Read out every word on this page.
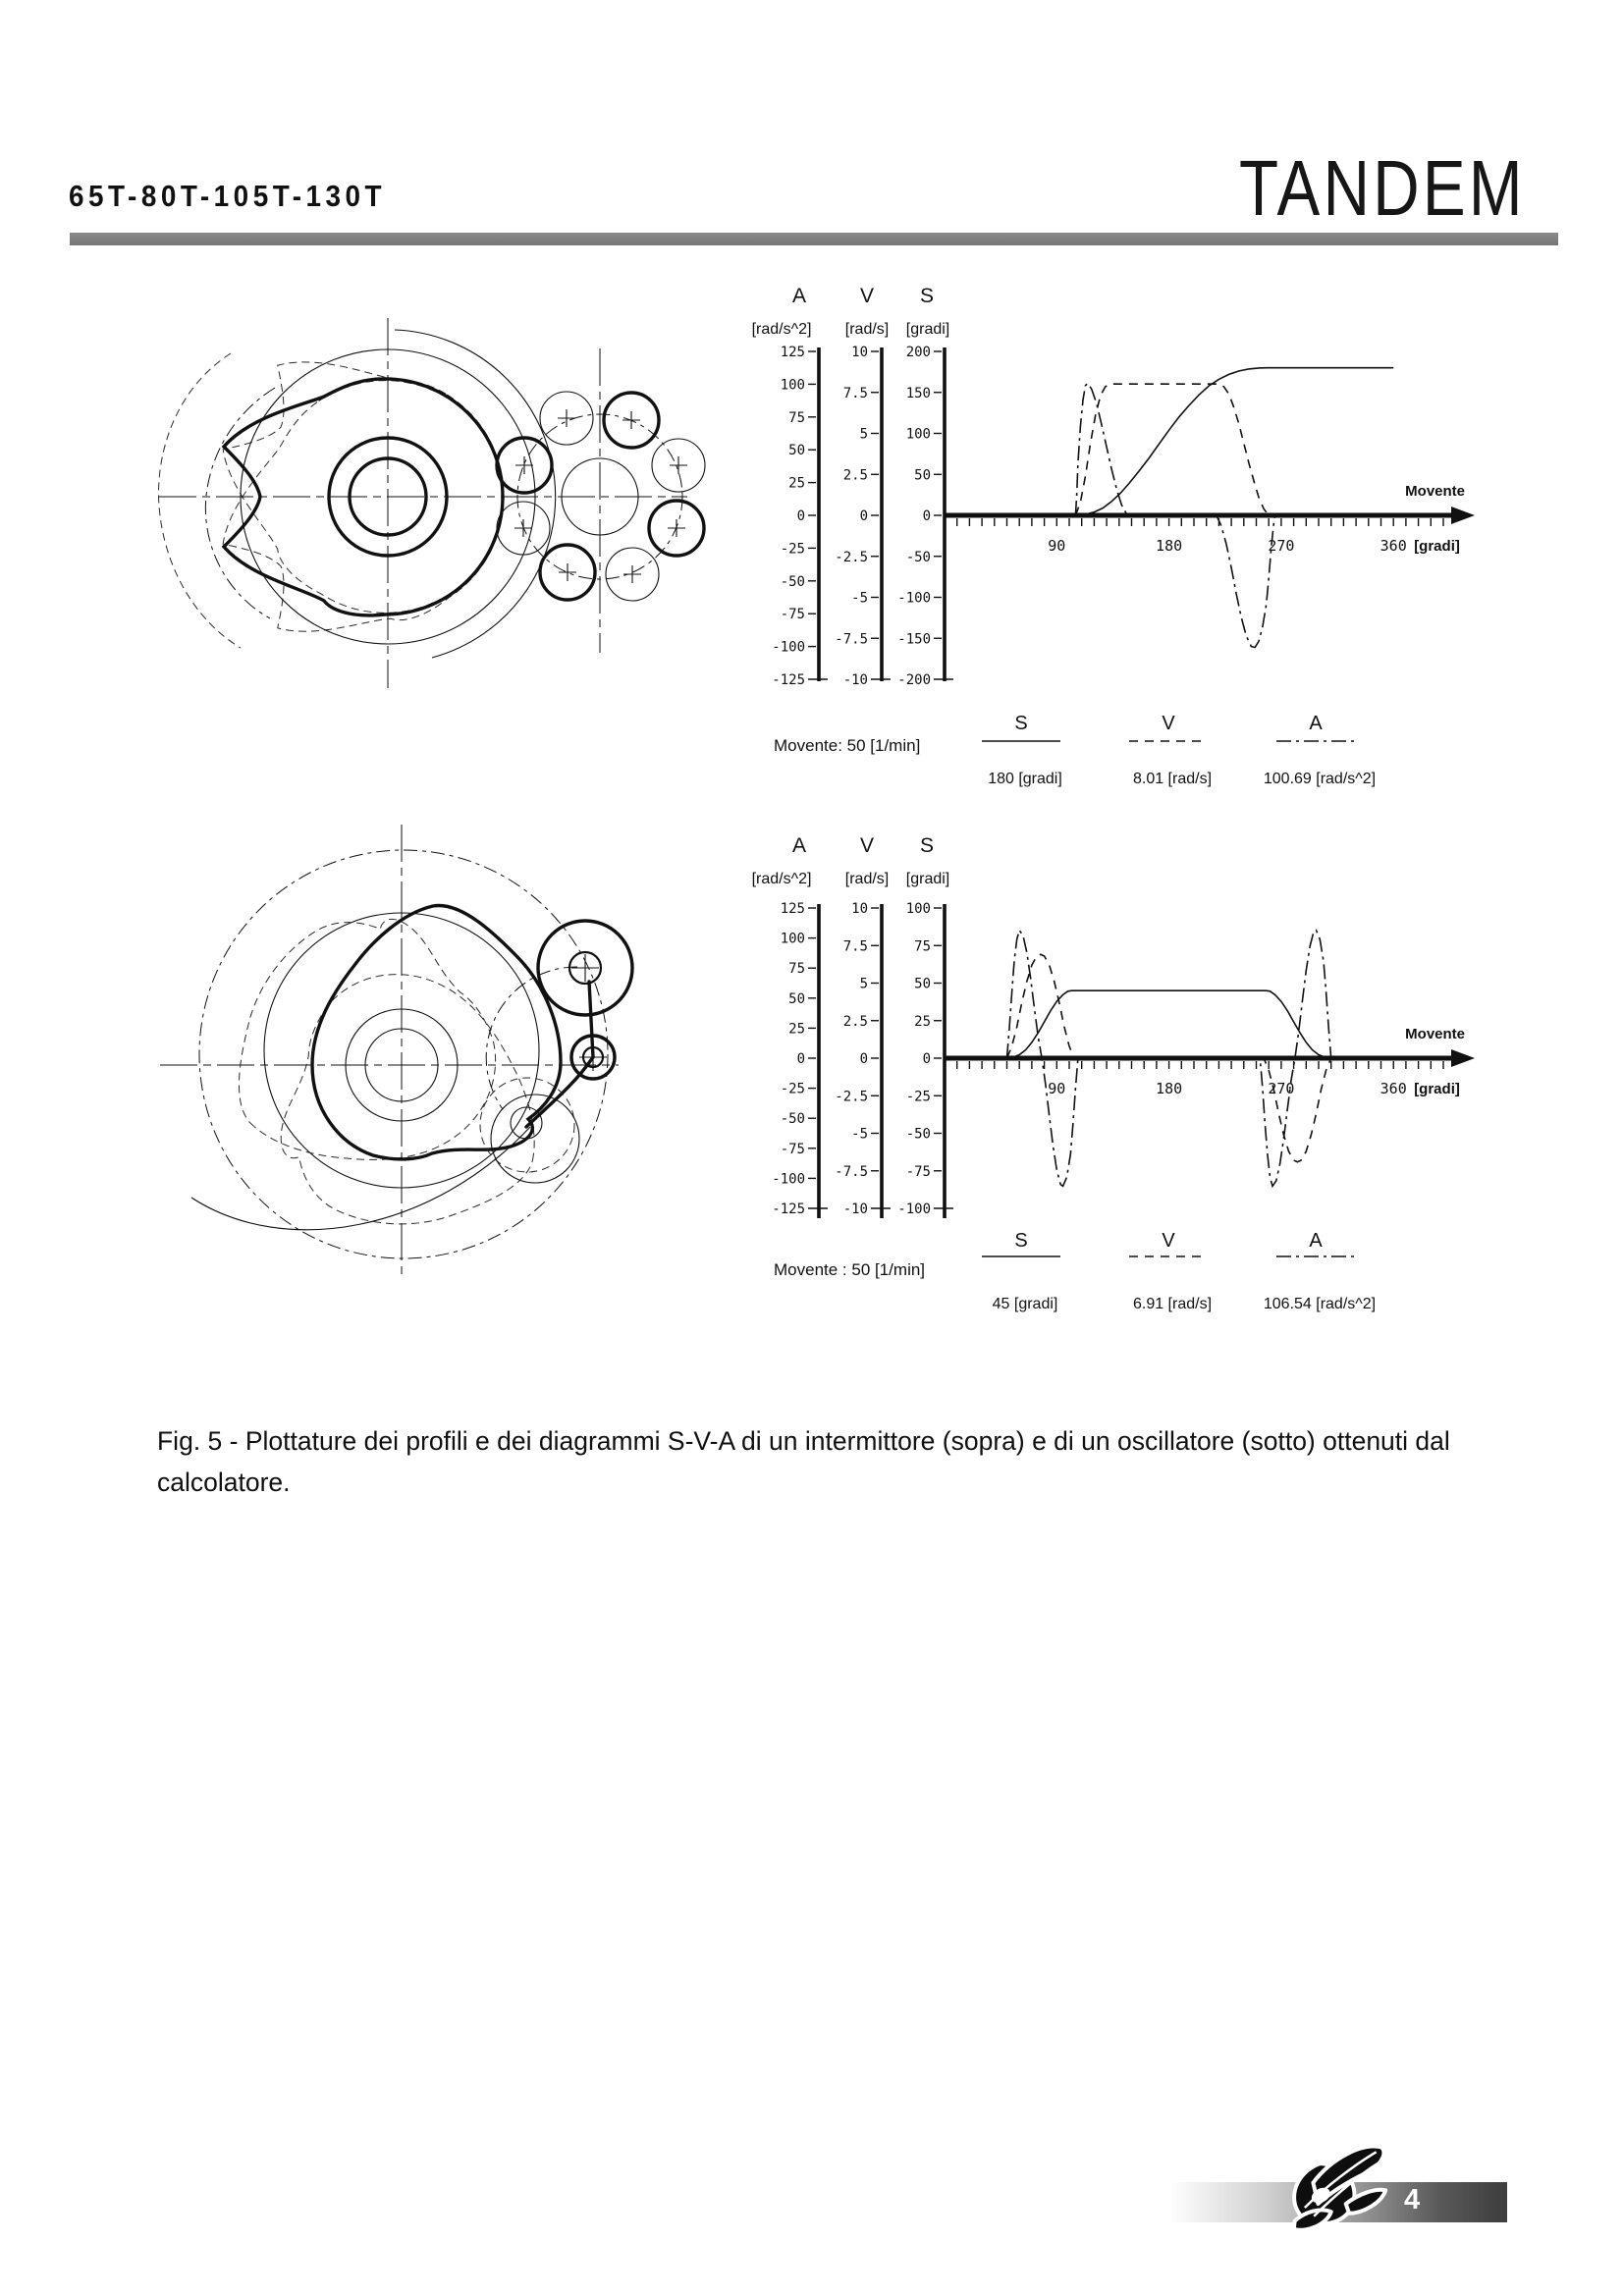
65T-80T-105T-130T	TANDEM
A
[rad/s^2]
125
100
75
50
25
0
-25
-50
-75
-100
-125
V
[rad/s]
10
7.5
5
2.5
0
-2.5
-5
-7.5
-10
S
[gradi]
200
150
100
50
0
-50
-100
-150
-200
90	180	270	360 [gradi]
Movente
Movente: 50 [1/min]
S
180 [gradi]
V
8.01 [rad/s]
A
100.69 [rad/s^2]
A
[rad/s^2]
125
100
75
50
25
0
-25
-50
-75
-100
-125
V
[rad/s]
10
7.5
5
2.5
0
-2.5
-5
-7.5
-10
S
[gradi]
100
75
50
25
0
-25
-50
-75
-100
90	180	270	360 [gradi]
Movente
Movente : 50 [1/min]
S
45 [gradi]
V
6.91 [rad/s]
A
106.54 [rad/s^2]

Fig. 5 - Plottature dei profili e dei diagrammi S-V-A di un intermittore (sopra) e di un oscillatore (sotto) ottenuti dal calcolatore.

4
